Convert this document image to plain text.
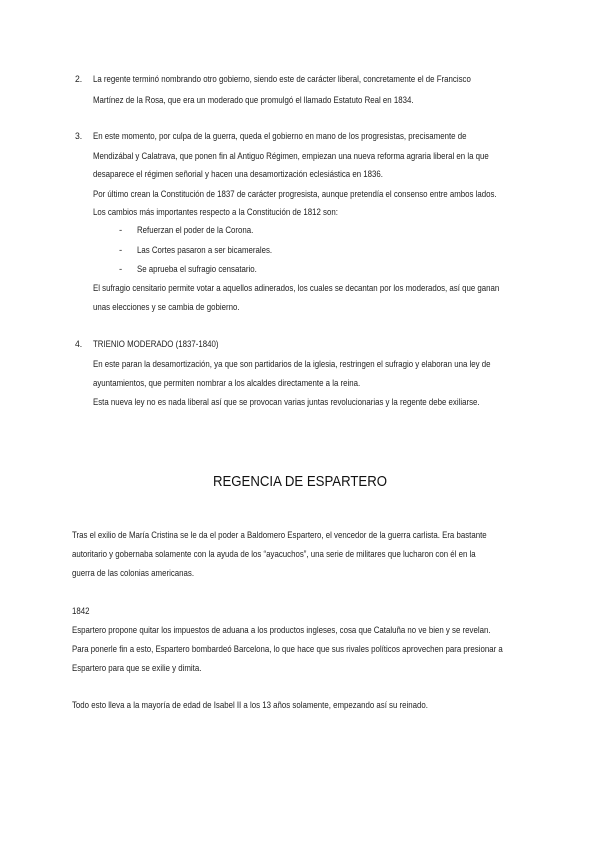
2. La regente terminó nombrando otro gobierno, siendo este de carácter liberal, concretamente el de Francisco
Martínez de la Rosa, que era un moderado que promulgó el llamado Estatuto Real en 1834.
3. En este momento, por culpa de la guerra, queda el gobierno en mano de los progresistas, precisamente de
Mendizábal y Calatrava, que ponen fin al Antiguo Régimen, empiezan una nueva reforma agraria liberal en la que
desaparece el régimen señorial y hacen una desamortización eclesiástica en 1836.
Por último crean la Constitución de 1837 de carácter progresista, aunque pretendía el consenso entre ambos lados.
Los cambios más importantes respecto a la Constitución de 1812 son:
- Refuerzan el poder de la Corona.
- Las Cortes pasaron a ser bicamerales.
- Se aprueba el sufragio censatario.
El sufragio censitario permite votar a aquellos adinerados, los cuales se decantan por los moderados, así que ganan
unas elecciones y se cambia de gobierno.
4. TRIENIO MODERADO (1837-1840)
En este paran la desamortización, ya que son partidarios de la iglesia, restringen el sufragio y elaboran una ley de
ayuntamientos, que permiten nombrar a los alcaldes directamente a la reina.
Esta nueva ley no es nada liberal así que se provocan varias juntas revolucionarias y la regente debe exiliarse.
REGENCIA DE ESPARTERO
Tras el exilio de María Cristina se le da el poder a Baldomero Espartero, el vencedor de la guerra carlista. Era bastante
autoritario y gobernaba solamente con la ayuda de los “ayacuchos”, una serie de militares que lucharon con él en la
guerra de las colonias americanas.
1842
Espartero propone quitar los impuestos de aduana a los productos ingleses, cosa que Cataluña no ve bien y se revelan.
Para ponerle fin a esto, Espartero bombardeó Barcelona, lo que hace que sus rivales políticos aprovechen para presionar a
Espartero para que se exilie y dimita.
Todo esto lleva a la mayoría de edad de Isabel II a los 13 años solamente, empezando así su reinado.
